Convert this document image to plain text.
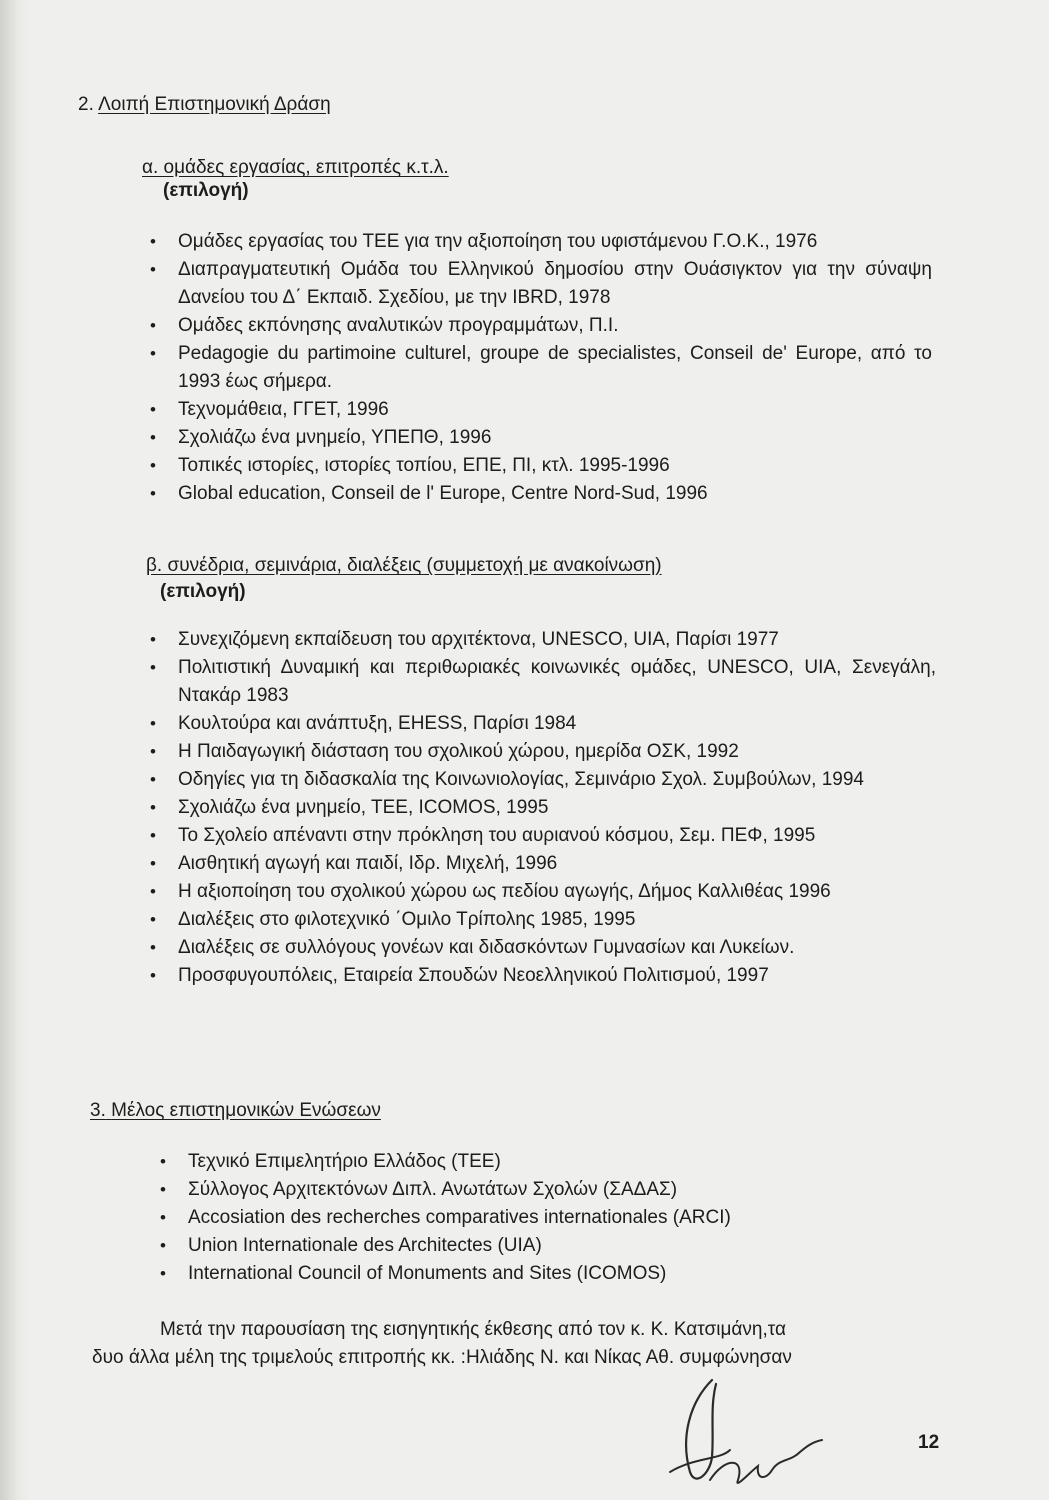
2. Λοιπή Επιστημονική Δράση
α. ομάδες εργασίας, επιτροπές κ.τ.λ.
(επιλογή)
• Ομάδες εργασίας του ΤΕΕ για την αξιοποίηση του υφιστάμενου Γ.Ο.Κ., 1976
• Διαπραγματευτική Ομάδα του Ελληνικού δημοσίου στην Ουάσιγκτον για την σύναψη Δανείου του Δ΄ Εκπαιδ. Σχεδίου, με την IBRD, 1978
• Ομάδες εκπόνησης αναλυτικών προγραμμάτων, Π.Ι.
• Pedagogie du partimoine culturel, groupe de specialistes, Conseil de' Europe, από το 1993 έως σήμερα.
• Τεχνομάθεια, ΓΓΕΤ, 1996
• Σχολιάζω ένα μνημείο, ΥΠΕΠΘ, 1996
• Τοπικές ιστορίες, ιστορίες τοπίου, ΕΠΕ, ΠΙ, κτλ. 1995-1996
• Global education, Conseil de l' Europe, Centre Nord-Sud, 1996
β. συνέδρια, σεμινάρια, διαλέξεις (συμμετοχή με ανακοίνωση)
(επιλογή)
• Συνεχιζόμενη εκπαίδευση του αρχιτέκτονα, UNESCO, UIA, Παρίσι 1977
• Πολιτιστική Δυναμική και περιθωριακές κοινωνικές ομάδες, UNESCO, UIA, Σενεγάλη, Ντακάρ 1983
• Κουλτούρα και ανάπτυξη, EHESS, Παρίσι 1984
• Η Παιδαγωγική διάσταση του σχολικού χώρου, ημερίδα ΟΣΚ, 1992
• Οδηγίες για τη διδασκαλία της Κοινωνιολογίας, Σεμινάριο Σχολ. Συμβούλων, 1994
• Σχολιάζω ένα μνημείο, ΤΕΕ, ICOMOS, 1995
• Το Σχολείο απέναντι στην πρόκληση του αυριανού κόσμου, Σεμ. ΠΕΦ, 1995
• Αισθητική αγωγή και παιδί, Ιδρ. Μιχελή, 1996
• Η αξιοποίηση του σχολικού χώρου ως πεδίου αγωγής, Δήμος Καλλιθέας 1996
• Διαλέξεις στο φιλοτεχνικό ΄Ομιλο Τρίπολης 1985, 1995
• Διαλέξεις σε συλλόγους γονέων και διδασκόντων Γυμνασίων και Λυκείων.
• Προσφυγουπόλεις, Εταιρεία Σπουδών Νεοελληνικού Πολιτισμού, 1997
3. Μέλος επιστημονικών Ενώσεων
• Τεχνικό Επιμελητήριο Ελλάδος (ΤΕΕ)
• Σύλλογος Αρχιτεκτόνων Διπλ. Ανωτάτων Σχολών (ΣΑΔΑΣ)
• Accosiation des recherches comparatives internationales (ARCI)
• Union Internationale des Architectes (UIA)
• International Council of Monuments and Sites (ICOMOS)
Μετά την παρουσίαση της εισηγητικής έκθεσης από τον κ. Κ. Κατσιμάνη,τα
δυο άλλα μέλη της τριμελούς επιτροπής κκ. :Ηλιάδης Ν. και Νίκας Αθ. συμφώνησαν
12
